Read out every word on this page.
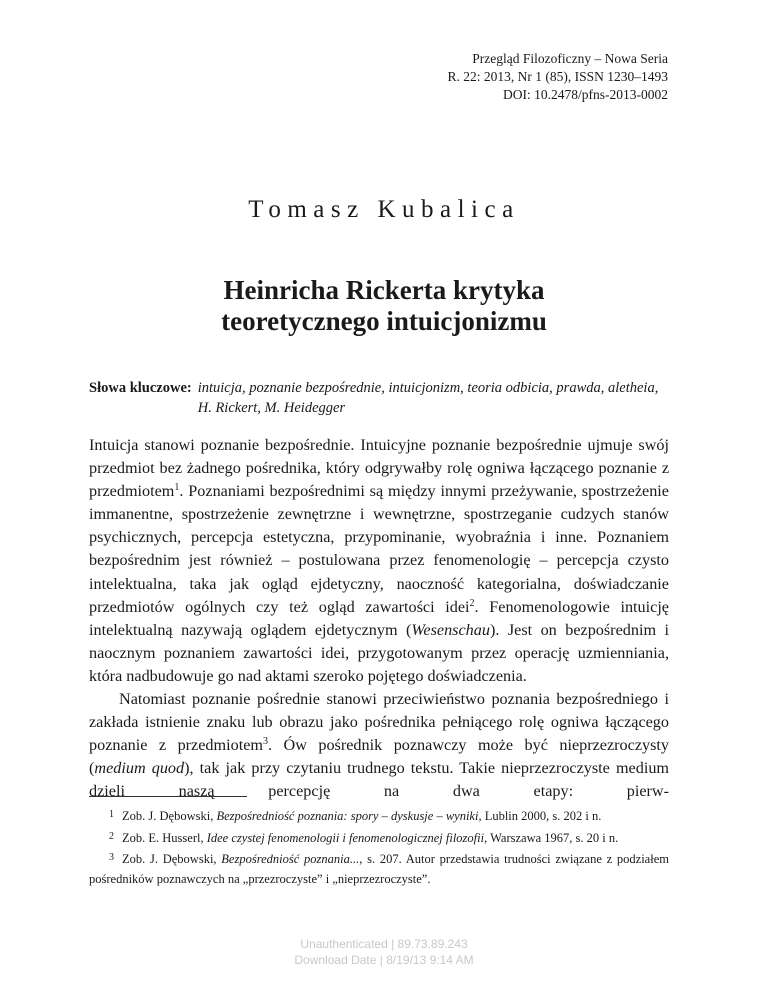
Przegląd Filozoficzny – Nowa Seria
R. 22: 2013, Nr 1 (85), ISSN 1230–1493
DOI: 10.2478/pfns-2013-0002
Tomasz Kubalica
Heinricha Rickerta krytyka
teoretycznego intuicjonizmu
Słowa kluczowe: intuicja, poznanie bezpośrednie, intuicjonizm, teoria odbicia, prawda, aletheia, H. Rickert, M. Heidegger

Intuicja stanowi poznanie bezpośrednie. Intuicyjne poznanie bezpośrednie ujmuje swój przedmiot bez żadnego pośrednika, który odgrywałby rolę ogniwa łączącego poznanie z przedmiotem$^1$. Poznaniami bezpośrednimi są między innymi przeżywanie, spostrzeżenie immanentne, spostrzeżenie zewnętrzne i wewnętrzne, spostrzeganie cudzych stanów psychicznych, percepcja estetyczna, przypominanie, wyobraźnia i inne. Poznaniem bezpośrednim jest również – postulowana przez fenomenologię – percepcja czysto intelektualna, taka jak ogląd ejdetyczny, naoczność kategorialna, doświadczanie przedmiotów ogólnych czy też ogląd zawartości idei$^2$. Fenomenologowie intuicję intelektualną nazywają oglądem ejdetycznym (Wesenschau). Jest on bezpośrednim i naocznym poznaniem zawartości idei, przygotowanym przez operację uzmienniania, która nadbudowuje go nad aktami szeroko pojętego doświadczenia.

Natomiast poznanie pośrednie stanowi przeciwieństwo poznania bezpośredniego i zakłada istnienie znaku lub obrazu jako pośrednika pełniącego rolę ogniwa łączącego poznanie z przedmiotem$^3$. Ów pośrednik poznawczy może być nieprzezroczysty (medium quod), tak jak przy czytaniu trudnego tekstu. Takie nieprzezroczyste medium dzieli naszą percepcję na dwa etapy: pierw-

$^1$ Zob. J. Dębowski, Bezpośredniość poznania: spory – dyskusje – wyniki, Lublin 2000, s. 202 i n.
$^2$ Zob. E. Husserl, Idee czystej fenomenologii i fenomenologicznej filozofii, Warszawa 1967, s. 20 i n.
$^3$ Zob. J. Dębowski, Bezpośredniość poznania..., s. 207. Autor przedstawia trudności związane z podziałem pośredników poznawczych na „przezroczyste” i „nieprzezroczyste”.
Unauthenticated | 89.73.89.243
Download Date | 8/19/13 9:14 AM
